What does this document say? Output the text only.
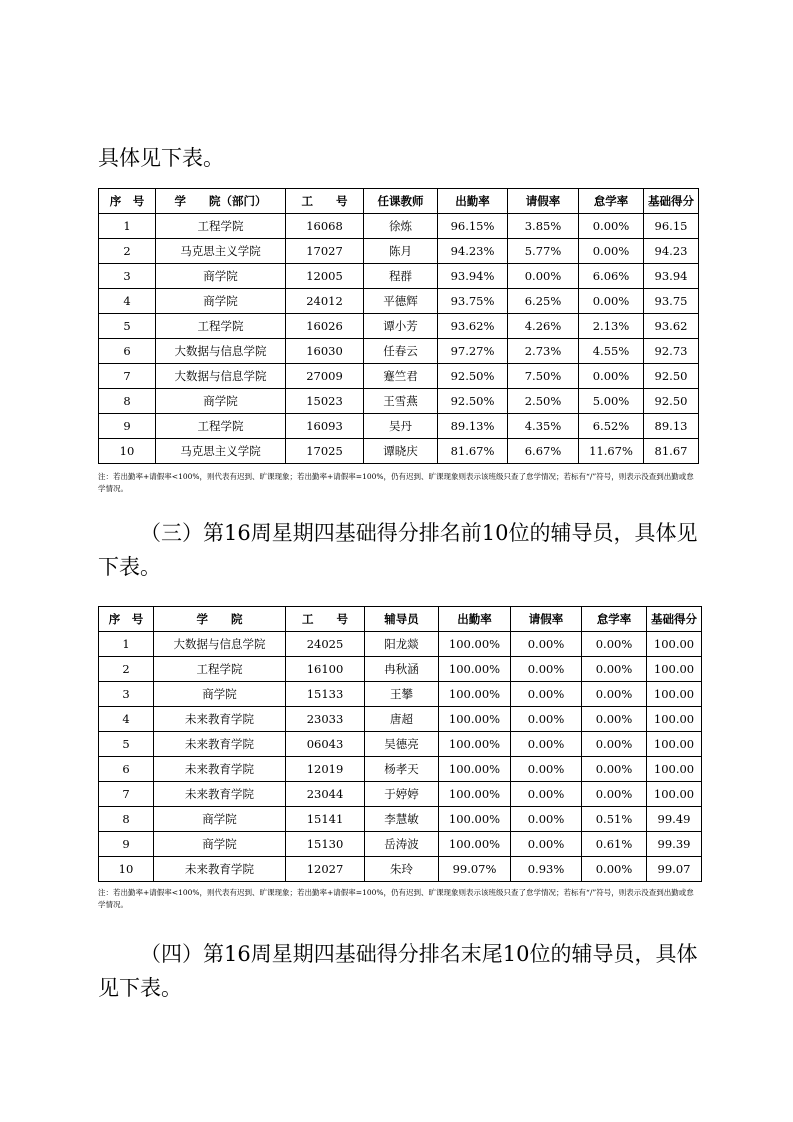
具体见下表。

序　号	学　　院（部门）	工　　号	任课教师	出勤率	请假率	怠学率	基础得分
1	工程学院	16068	徐炼	96.15%	3.85%	0.00%	96.15
2	马克思主义学院	17027	陈月	94.23%	5.77%	0.00%	94.23
3	商学院	12005	程群	93.94%	0.00%	6.06%	93.94
4	商学院	24012	平德辉	93.75%	6.25%	0.00%	93.75
5	工程学院	16026	谭小芳	93.62%	4.26%	2.13%	93.62
6	大数据与信息学院	16030	任春云	97.27%	2.73%	4.55%	92.73
7	大数据与信息学院	27009	蹇竺君	92.50%	7.50%	0.00%	92.50
8	商学院	15023	王雪燕	92.50%	2.50%	5.00%	92.50
9	工程学院	16093	吴丹	89.13%	4.35%	6.52%	89.13
10	马克思主义学院	17025	谭晓庆	81.67%	6.67%	11.67%	81.67

注：若出勤率+请假率<100%，则代表有迟到、旷课现象；若出勤率+请假率=100%，仍有迟到、旷课现象则表示该班级只查了怠学情况；若标有“/”符号，则表示没查到出勤或怠学情况。

（三）第16周星期四基础得分排名前10位的辅导员，具体见下表。

序　号	学　　院	工　　号	辅导员	出勤率	请假率	怠学率	基础得分
1	大数据与信息学院	24025	阳龙燚	100.00%	0.00%	0.00%	100.00
2	工程学院	16100	冉秋涵	100.00%	0.00%	0.00%	100.00
3	商学院	15133	王攀	100.00%	0.00%	0.00%	100.00
4	未来教育学院	23033	唐超	100.00%	0.00%	0.00%	100.00
5	未来教育学院	06043	吴德亮	100.00%	0.00%	0.00%	100.00
6	未来教育学院	12019	杨孝天	100.00%	0.00%	0.00%	100.00
7	未来教育学院	23044	于婷婷	100.00%	0.00%	0.00%	100.00
8	商学院	15141	李慧敏	100.00%	0.00%	0.51%	99.49
9	商学院	15130	岳涛波	100.00%	0.00%	0.61%	99.39
10	未来教育学院	12027	朱玲	99.07%	0.93%	0.00%	99.07

注：若出勤率+请假率<100%，则代表有迟到、旷课现象；若出勤率+请假率=100%，仍有迟到、旷课现象则表示该班级只查了怠学情况；若标有“/”符号，则表示没查到出勤或怠学情况。

（四）第16周星期四基础得分排名末尾10位的辅导员，具体见下表。
